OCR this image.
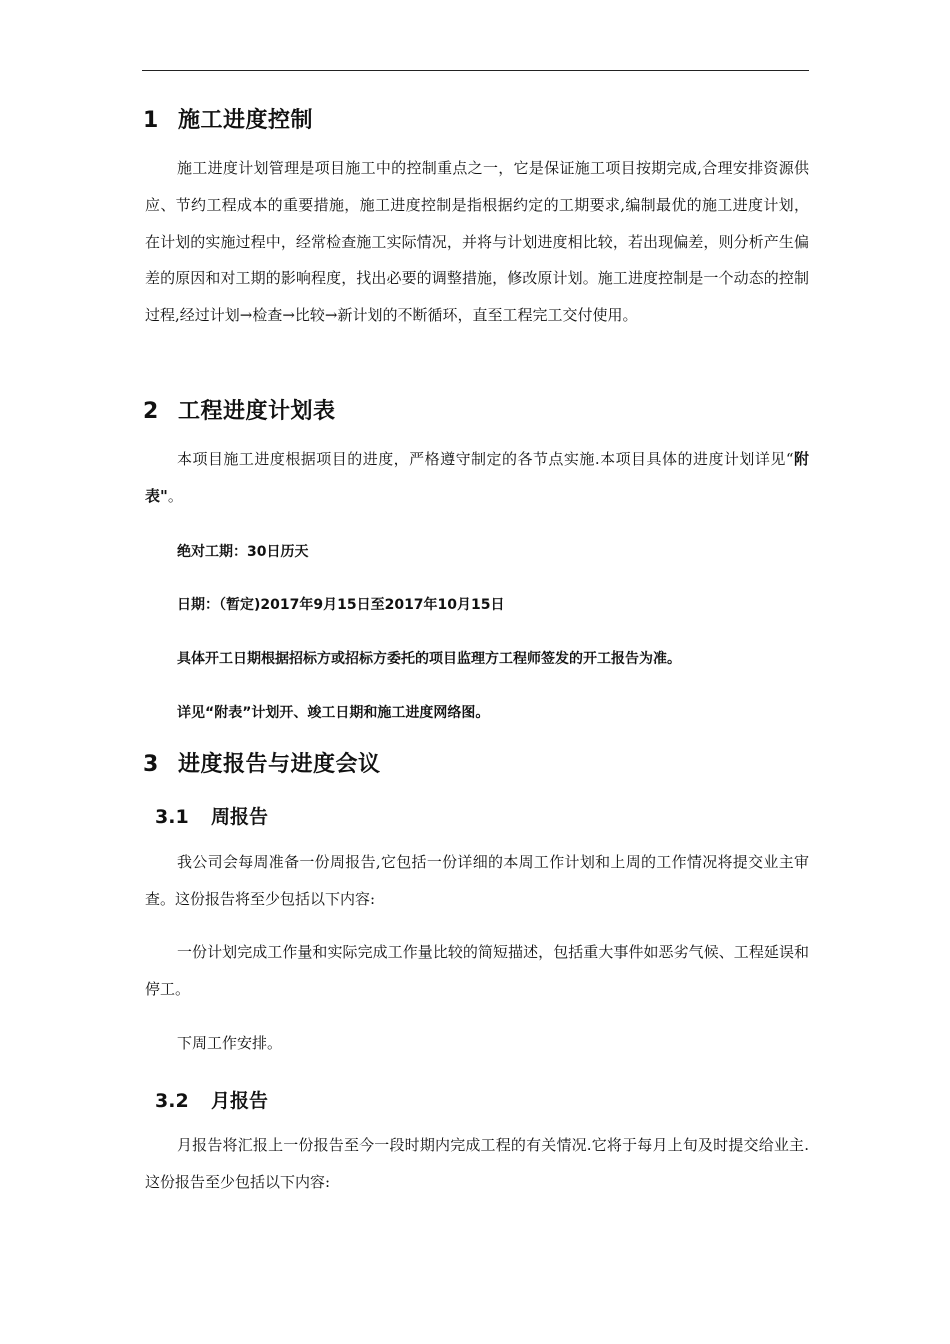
1 施工进度控制

施工进度计划管理是项目施工中的控制重点之一，它是保证施工项目按期完成,合理安排资源供应、节约工程成本的重要措施，施工进度控制是指根据约定的工期要求,编制最优的施工进度计划，在计划的实施过程中，经常检查施工实际情况，并将与计划进度相比较，若出现偏差，则分析产生偏差的原因和对工期的影响程度，找出必要的调整措施，修改原计划。施工进度控制是一个动态的控制过程,经过计划→检查→比较→新计划的不断循环，直至工程完工交付使用。

2 工程进度计划表

本项目施工进度根据项目的进度，严格遵守制定的各节点实施.本项目具体的进度计划详见“附表"。

绝对工期：30日历天
日期：（暂定)2017年9月15日至2017年10月15日
具体开工日期根据招标方或招标方委托的项目监理方工程师签发的开工报告为准。
详见“附表”计划开、竣工日期和施工进度网络图。
3 进度报告与进度会议
3.1 周报告

我公司会每周准备一份周报告,它包括一份详细的本周工作计划和上周的工作情况将提交业主审查。这份报告将至少包括以下内容:

一份计划完成工作量和实际完成工作量比较的简短描述，包括重大事件如恶劣气候、工程延误和停工。

下周工作安排。

3.2 月报告

月报告将汇报上一份报告至今一段时期内完成工程的有关情况.它将于每月上旬及时提交给业主.这份报告至少包括以下内容:
